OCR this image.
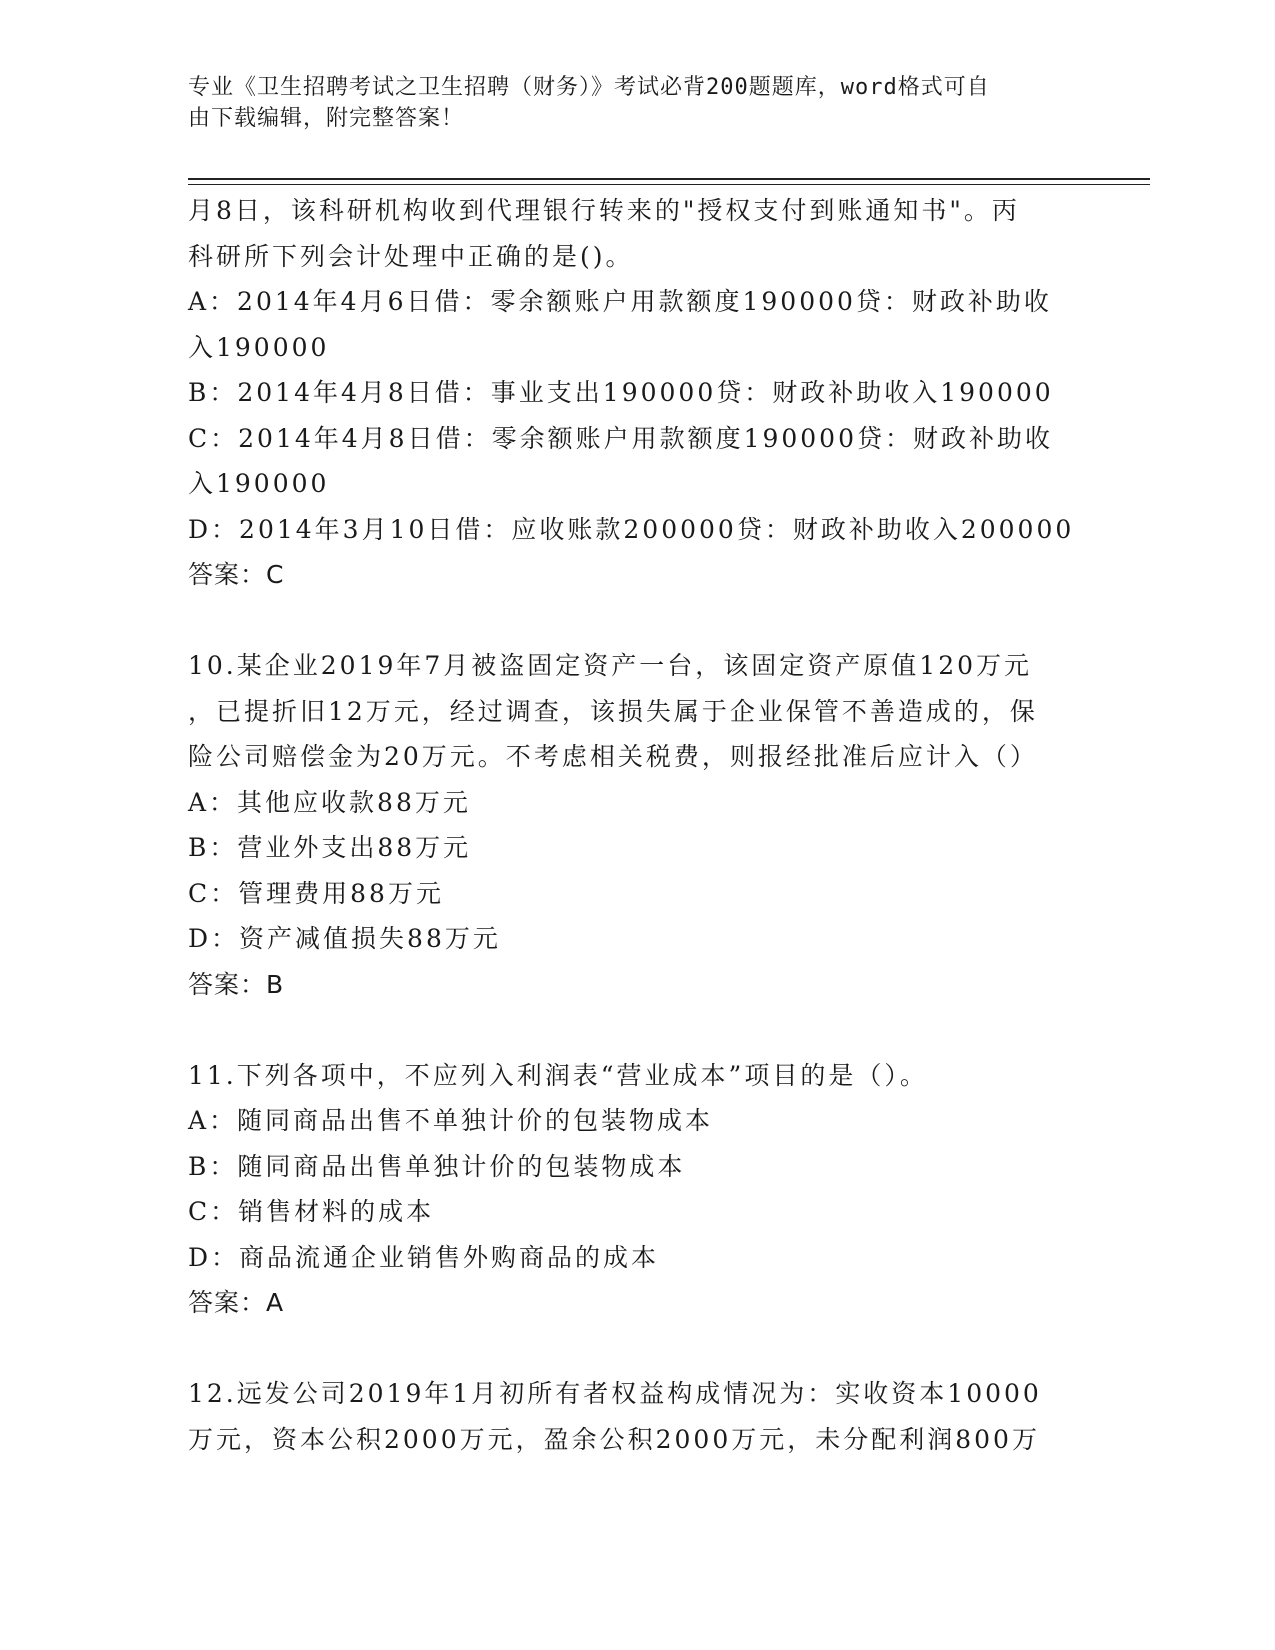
专业《卫生招聘考试之卫生招聘（财务）》考试必背200题题库，word格式可自
由下载编辑，附完整答案！
月8日，该科研机构收到代理银行转来的"授权支付到账通知书"。丙
科研所下列会计处理中正确的是()。
A：2014年4月6日借：零余额账户用款额度190000贷：财政补助收
入190000
B：2014年4月8日借：事业支出190000贷：财政补助收入190000
C：2014年4月8日借：零余额账户用款额度190000贷：财政补助收
入190000
D：2014年3月10日借：应收账款200000贷：财政补助收入200000
答案：C
10.某企业2019年7月被盗固定资产一台，该固定资产原值120万元
，已提折旧12万元，经过调查，该损失属于企业保管不善造成的，保
险公司赔偿金为20万元。不考虑相关税费，则报经批准后应计入（）
A：其他应收款88万元
B：营业外支出88万元
C：管理费用88万元
D：资产减值损失88万元
答案：B
11.下列各项中，不应列入利润表“营业成本”项目的是（）。
A：随同商品出售不单独计价的包装物成本
B：随同商品出售单独计价的包装物成本
C：销售材料的成本
D：商品流通企业销售外购商品的成本
答案：A
12.远发公司2019年1月初所有者权益构成情况为：实收资本10000
万元，资本公积2000万元，盈余公积2000万元，未分配利润800万
